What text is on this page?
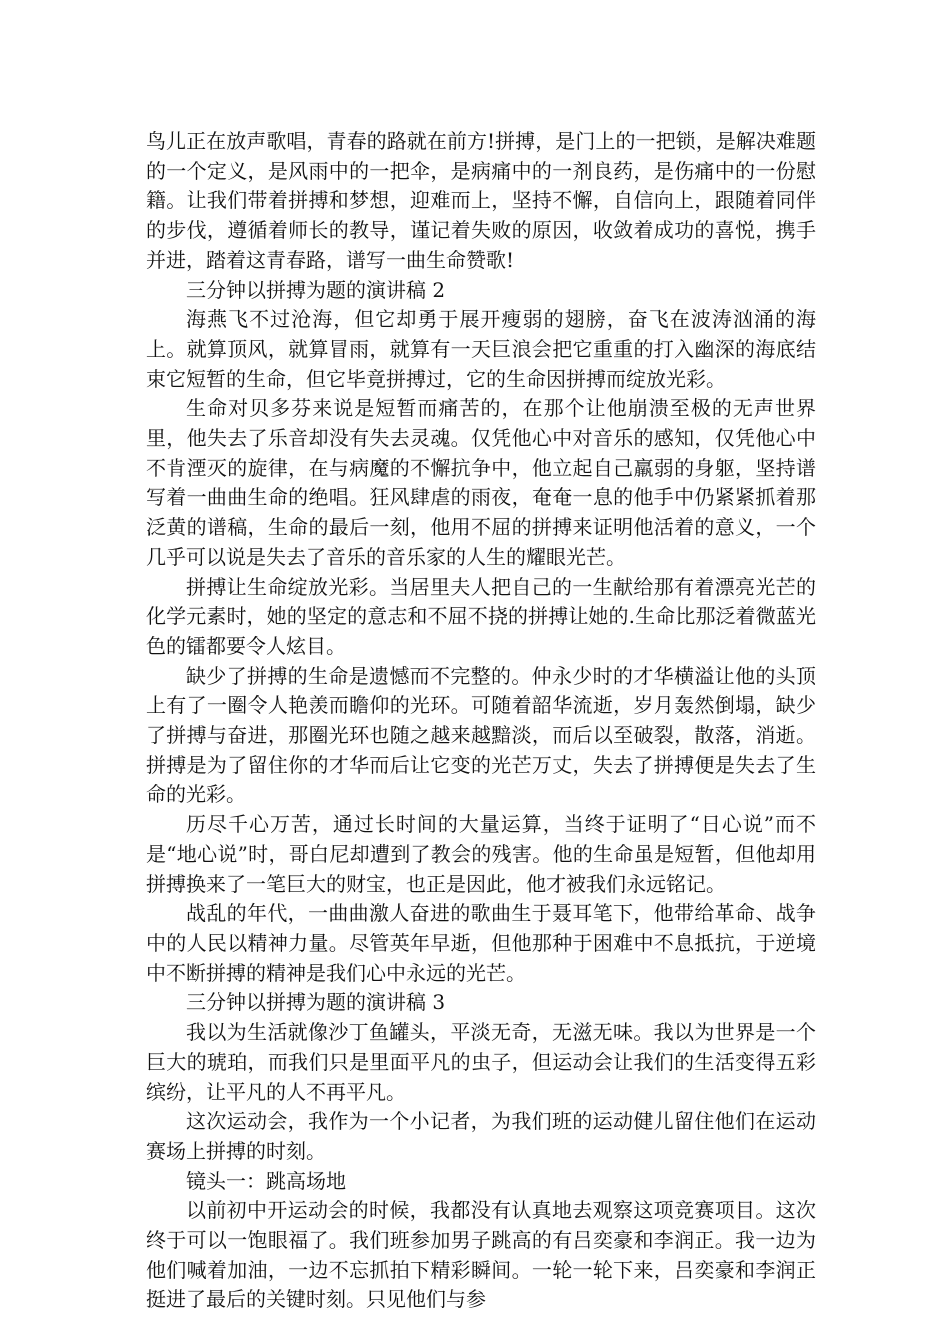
鸟儿正在放声歌唱，青春的路就在前方!拼搏，是门上的一把锁，是解决难题的一个定义，是风雨中的一把伞，是病痛中的一剂良药，是伤痛中的一份慰籍。让我们带着拼搏和梦想，迎难而上，坚持不懈，自信向上，跟随着同伴的步伐，遵循着师长的教导，谨记着失败的原因，收敛着成功的喜悦，携手并进，踏着这青春路，谱写一曲生命赞歌!

三分钟以拼搏为题的演讲稿 2

海燕飞不过沧海，但它却勇于展开瘦弱的翅膀，奋飞在波涛汹涌的海上。就算顶风，就算冒雨，就算有一天巨浪会把它重重的打入幽深的海底结束它短暂的生命，但它毕竟拼搏过，它的生命因拼搏而绽放光彩。

生命对贝多芬来说是短暂而痛苦的，在那个让他崩溃至极的无声世界里，他失去了乐音却没有失去灵魂。仅凭他心中对音乐的感知，仅凭他心中不肯湮灭的旋律，在与病魔的不懈抗争中，他立起自己羸弱的身躯，坚持谱写着一曲曲生命的绝唱。狂风肆虐的雨夜，奄奄一息的他手中仍紧紧抓着那泛黄的谱稿，生命的最后一刻，他用不屈的拼搏来证明他活着的意义，一个几乎可以说是失去了音乐的音乐家的人生的耀眼光芒。

拼搏让生命绽放光彩。当居里夫人把自己的一生献给那有着漂亮光芒的化学元素时，她的坚定的意志和不屈不挠的拼搏让她的.生命比那泛着微蓝光色的镭都要令人炫目。

缺少了拼搏的生命是遗憾而不完整的。仲永少时的才华横溢让他的头顶上有了一圈令人艳羡而瞻仰的光环。可随着韶华流逝，岁月轰然倒塌，缺少了拼搏与奋进，那圈光环也随之越来越黯淡，而后以至破裂，散落，消逝。拼搏是为了留住你的才华而后让它变的光芒万丈，失去了拼搏便是失去了生命的光彩。

历尽千心万苦，通过长时间的大量运算，当终于证明了“日心说”而不是“地心说”时，哥白尼却遭到了教会的残害。他的生命虽是短暂，但他却用拼搏换来了一笔巨大的财宝，也正是因此，他才被我们永远铭记。

战乱的年代，一曲曲激人奋进的歌曲生于聂耳笔下，他带给革命、战争中的人民以精神力量。尽管英年早逝，但他那种于困难中不息抵抗，于逆境中不断拼搏的精神是我们心中永远的光芒。

三分钟以拼搏为题的演讲稿 3

我以为生活就像沙丁鱼罐头，平淡无奇，无滋无味。我以为世界是一个巨大的琥珀，而我们只是里面平凡的虫子，但运动会让我们的生活变得五彩缤纷，让平凡的人不再平凡。

这次运动会，我作为一个小记者，为我们班的运动健儿留住他们在运动赛场上拼搏的时刻。

镜头一：跳高场地

以前初中开运动会的时候，我都没有认真地去观察这项竞赛项目。这次终于可以一饱眼福了。我们班参加男子跳高的有吕奕豪和李润正。我一边为他们喊着加油，一边不忘抓拍下精彩瞬间。一轮一轮下来，吕奕豪和李润正挺进了最后的关键时刻。只见他们与参
